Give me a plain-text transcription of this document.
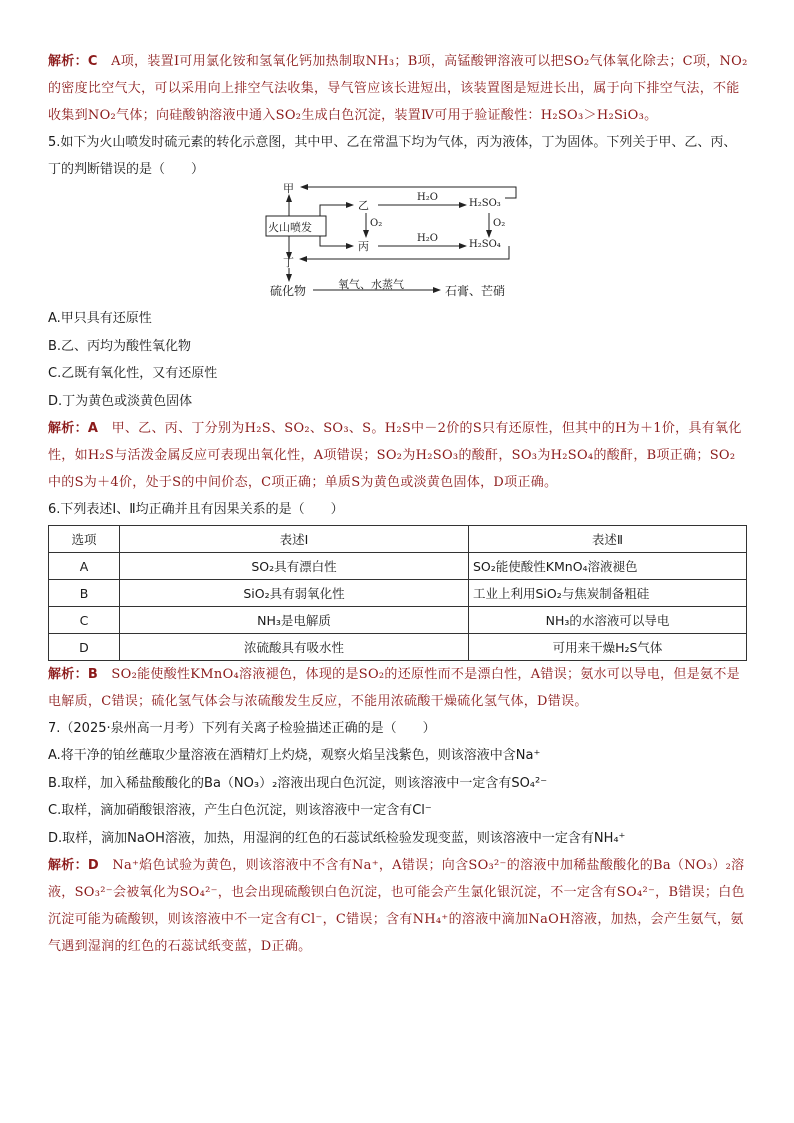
解析：C　 A项，装置Ⅰ可用氯化铵和氢氧化钙加热制取NH₃；B项，高锰酸钾溶液可以把SO₂气体氧化除去；C项，NO₂的密度比空气大，可以采用向上排空气法收集，导气管应该长进短出，该装置图是短进长出，属于向下排空气法，不能收集到NO₂气体；向硅酸钠溶液中通入SO₂生成白色沉淀，装置Ⅳ可用于验证酸性：H₂SO₃＞H₂SiO₃。

5.如下为火山喷发时硫元素的转化示意图，其中甲、乙在常温下均为气体，丙为液体，丁为固体。下列关于甲、乙、丙、丁的判断错误的是（　　）

甲
火山喷发
乙
丙
丁
H₂O
H₂O
O₂	O₂
H₂SO₃
H₂SO₄
硫化物	氧气、水蒸气	石膏、芒硝

A.甲只具有还原性

B.乙、丙均为酸性氧化物

C.乙既有氧化性，又有还原性

D.丁为黄色或淡黄色固体

解析：A　 甲、乙、丙、丁分别为H₂S、SO₂、SO₃、S。H₂S中－2价的S只有还原性，但其中的H为＋1价，具有氧化性，如H₂S与活泼金属反应可表现出氧化性，A项错误；SO₂为H₂SO₃的酸酐，SO₃为H₂SO₄的酸酐，B项正确；SO₂中的S为＋4价，处于S的中间价态，C项正确；单质S为黄色或淡黄色固体，D项正确。

6.下列表述Ⅰ、Ⅱ均正确并且有因果关系的是（　　）

选项	表述Ⅰ	表述Ⅱ
A	SO₂具有漂白性	SO₂能使酸性KMnO₄溶液褪色
B	SiO₂具有弱氧化性	工业上利用SiO₂与焦炭制备粗硅
C	NH₃是电解质	NH₃的水溶液可以导电
D	浓硫酸具有吸水性	可用来干燥H₂S气体

解析：B　 SO₂能使酸性KMnO₄溶液褪色，体现的是SO₂的还原性而不是漂白性，A错误；氨水可以导电，但是氨不是电解质，C错误；硫化氢气体会与浓硫酸发生反应，不能用浓硫酸干燥硫化氢气体，D错误。

7.（2025·泉州高一月考）下列有关离子检验描述正确的是（　　）

A.将干净的铂丝蘸取少量溶液在酒精灯上灼烧，观察火焰呈浅紫色，则该溶液中含Na⁺

B.取样，加入稀盐酸酸化的Ba（NO₃）₂溶液出现白色沉淀，则该溶液中一定含有SO₄²⁻

C.取样，滴加硝酸银溶液，产生白色沉淀，则该溶液中一定含有Cl⁻

D.取样，滴加NaOH溶液，加热，用湿润的红色的石蕊试纸检验发现变蓝，则该溶液中一定含有NH₄⁺

解析：D　 Na⁺焰色试验为黄色，则该溶液中不含有Na⁺，A错误；向含SO₃²⁻的溶液中加稀盐酸酸化的Ba（NO₃）₂溶液，SO₃²⁻会被氧化为SO₄²⁻，也会出现硫酸钡白色沉淀，也可能会产生氯化银沉淀，不一定含有SO₄²⁻，B错误；白色沉淀可能为硫酸钡，则该溶液中不一定含有Cl⁻，C错误；含有NH₄⁺的溶液中滴加NaOH溶液，加热，会产生氨气，氨气遇到湿润的红色的石蕊试纸变蓝，D正确。
